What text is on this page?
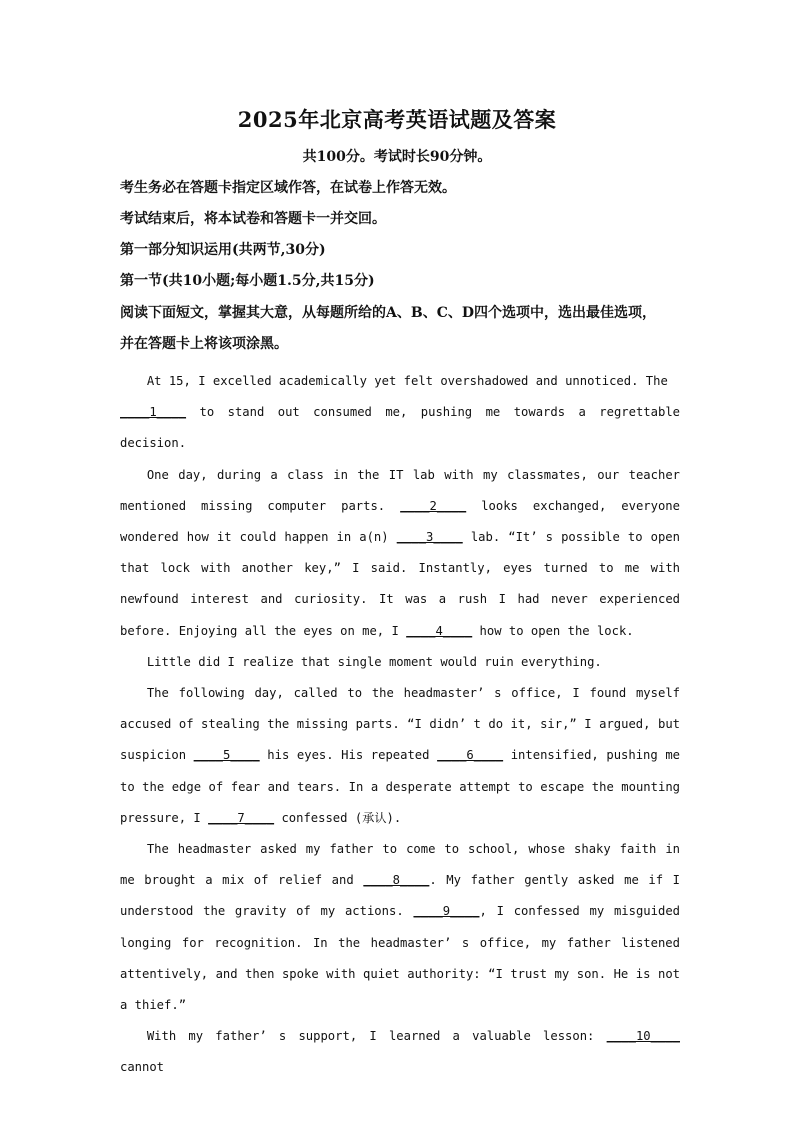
2025年北京高考英语试题及答案
共100分。考试时长90分钟。
考生务必在答题卡指定区域作答，在试卷上作答无效。
考试结束后，将本试卷和答题卡一并交回。
第一部分知识运用(共两节,30分)
第一节(共10小题;每小题1.5分,共15分)
阅读下面短文，掌握其大意，从每题所给的A、B、C、D四个选项中，选出最佳选项，
并在答题卡上将该项涂黑。

At 15, I excelled academically yet felt overshadowed and unnoticed. The
____1____ to stand out consumed me, pushing me towards a regrettable decision.

One day, during a class in the IT lab with my classmates, our teacher mentioned missing computer parts. ____2____ looks exchanged, everyone wondered how it could happen in a(n) ____3____ lab. “It’ s possible to open that lock with another key,” I said. Instantly, eyes turned to me with newfound interest and curiosity. It was a rush I had never experienced before. Enjoying all the eyes on me, I ____4____ how to open the lock.

Little did I realize that single moment would ruin everything.

The following day, called to the headmaster’ s office, I found myself accused of stealing the missing parts. “I didn’ t do it, sir,” I argued, but suspicion ____5____ his eyes. His repeated ____6____ intensified, pushing me to the edge of fear and tears. In a desperate attempt to escape the mounting pressure, I ____7____ confessed (承认).

The headmaster asked my father to come to school, whose shaky faith in me brought a mix of relief and ____8____. My father gently asked me if I understood the gravity of my actions. ____9____, I confessed my misguided longing for recognition. In the headmaster’ s office, my father listened attentively, and then spoke with quiet authority: “I trust my son. He is not a thief.”

With my father’ s support, I learned a valuable lesson: ____10____ cannot
